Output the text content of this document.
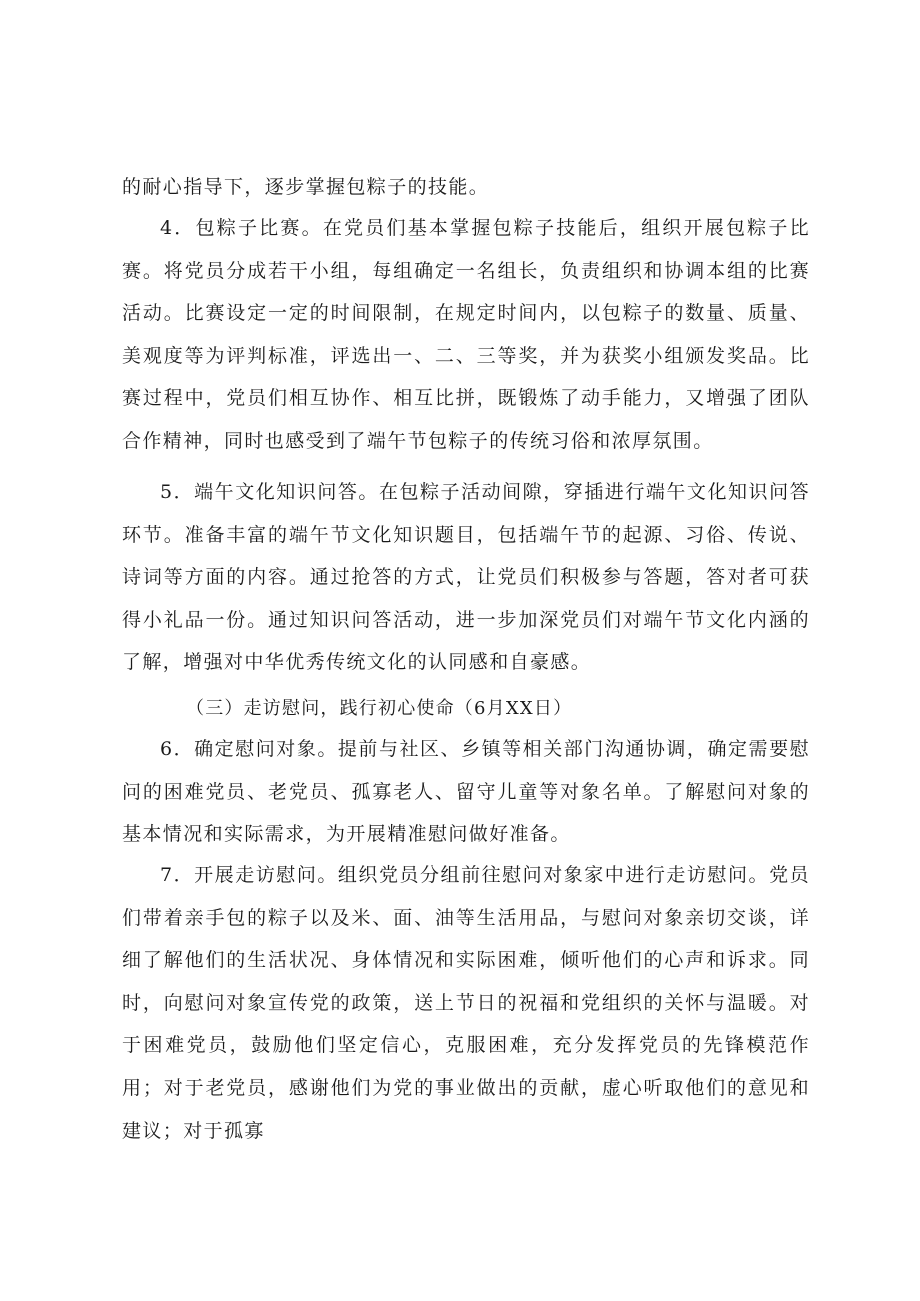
的耐心指导下，逐步掌握包粽子的技能。

4．包粽子比赛。在党员们基本掌握包粽子技能后，组织开展包粽子比赛。将党员分成若干小组，每组确定一名组长，负责组织和协调本组的比赛活动。比赛设定一定的时间限制，在规定时间内，以包粽子的数量、质量、美观度等为评判标准，评选出一、二、三等奖，并为获奖小组颁发奖品。比赛过程中，党员们相互协作、相互比拼，既锻炼了动手能力，又增强了团队合作精神，同时也感受到了端午节包粽子的传统习俗和浓厚氛围。

5．端午文化知识问答。在包粽子活动间隙，穿插进行端午文化知识问答环节。准备丰富的端午节文化知识题目，包括端午节的起源、习俗、传说、诗词等方面的内容。通过抢答的方式，让党员们积极参与答题，答对者可获得小礼品一份。通过知识问答活动，进一步加深党员们对端午节文化内涵的了解，增强对中华优秀传统文化的认同感和自豪感。

（三）走访慰问，践行初心使命（6月XX日）

6．确定慰问对象。提前与社区、乡镇等相关部门沟通协调，确定需要慰问的困难党员、老党员、孤寡老人、留守儿童等对象名单。了解慰问对象的基本情况和实际需求，为开展精准慰问做好准备。

7．开展走访慰问。组织党员分组前往慰问对象家中进行走访慰问。党员们带着亲手包的粽子以及米、面、油等生活用品，与慰问对象亲切交谈，详细了解他们的生活状况、身体情况和实际困难，倾听他们的心声和诉求。同时，向慰问对象宣传党的政策，送上节日的祝福和党组织的关怀与温暖。对于困难党员，鼓励他们坚定信心，克服困难，充分发挥党员的先锋模范作用；对于老党员，感谢他们为党的事业做出的贡献，虚心听取他们的意见和建议；对于孤寡
